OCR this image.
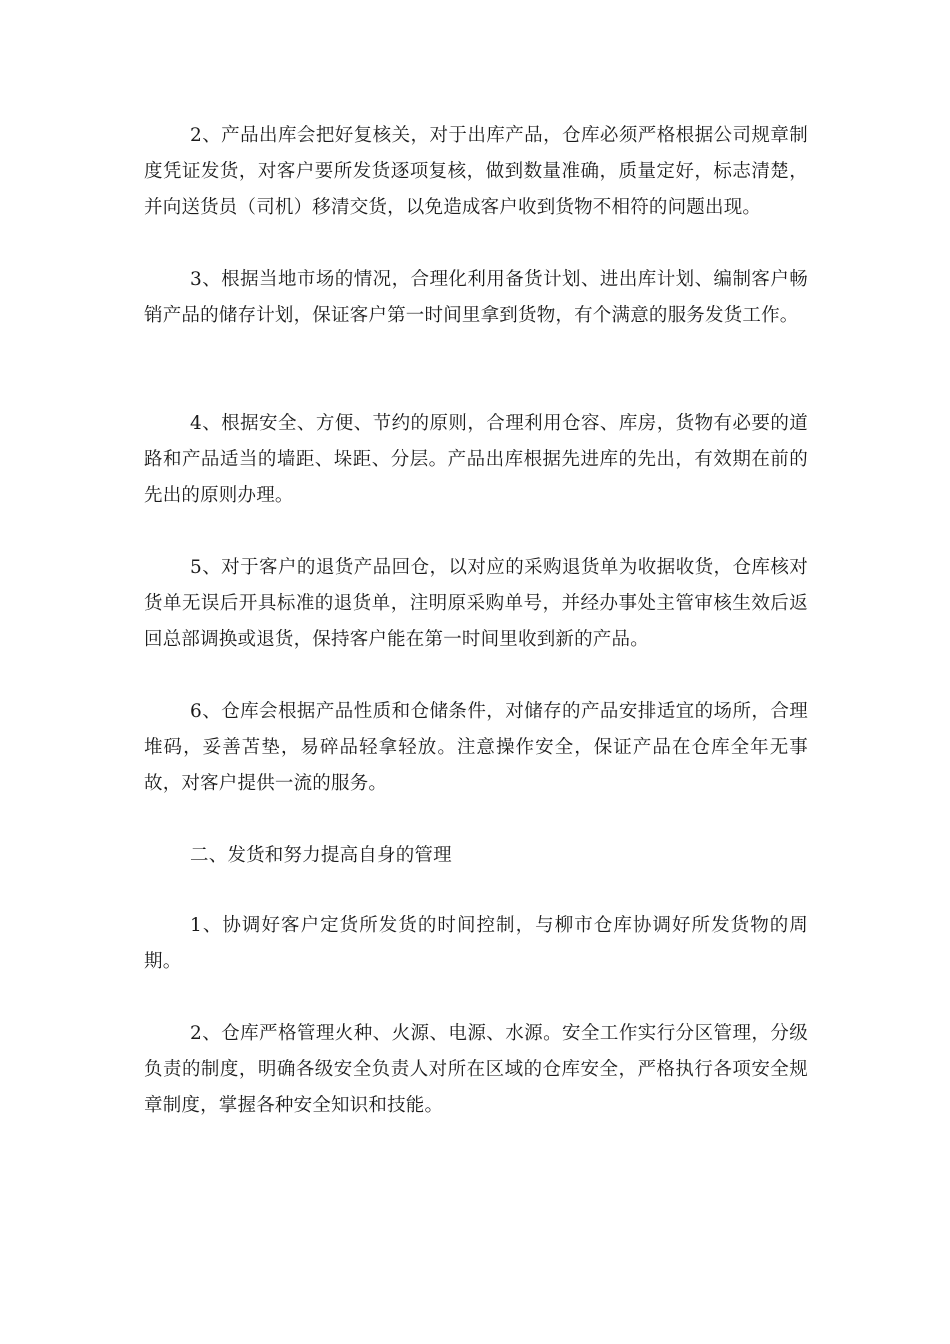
2、产品出库会把好复核关，对于出库产品，仓库必须严格根据公司规章制度凭证发货，对客户要所发货逐项复核，做到数量准确，质量定好，标志清楚，并向送货员（司机）移清交货，以免造成客户收到货物不相符的问题出现。

3、根据当地市场的情况，合理化利用备货计划、进出库计划、编制客户畅销产品的储存计划，保证客户第一时间里拿到货物，有个满意的服务发货工作。

4、根据安全、方便、节约的原则，合理利用仓容、库房，货物有必要的道路和产品适当的墙距、垛距、分层。产品出库根据先进库的先出，有效期在前的先出的原则办理。

5、对于客户的退货产品回仓，以对应的采购退货单为收据收货，仓库核对货单无误后开具标准的退货单，注明原采购单号，并经办事处主管审核生效后返回总部调换或退货，保持客户能在第一时间里收到新的产品。

6、仓库会根据产品性质和仓储条件，对储存的产品安排适宜的场所，合理堆码，妥善苫垫，易碎品轻拿轻放。注意操作安全，保证产品在仓库全年无事故，对客户提供一流的服务。

二、发货和努力提高自身的管理

1、协调好客户定货所发货的时间控制，与柳市仓库协调好所发货物的周期。

2、仓库严格管理火种、火源、电源、水源。安全工作实行分区管理，分级负责的制度，明确各级安全负责人对所在区域的仓库安全，严格执行各项安全规章制度，掌握各种安全知识和技能。
